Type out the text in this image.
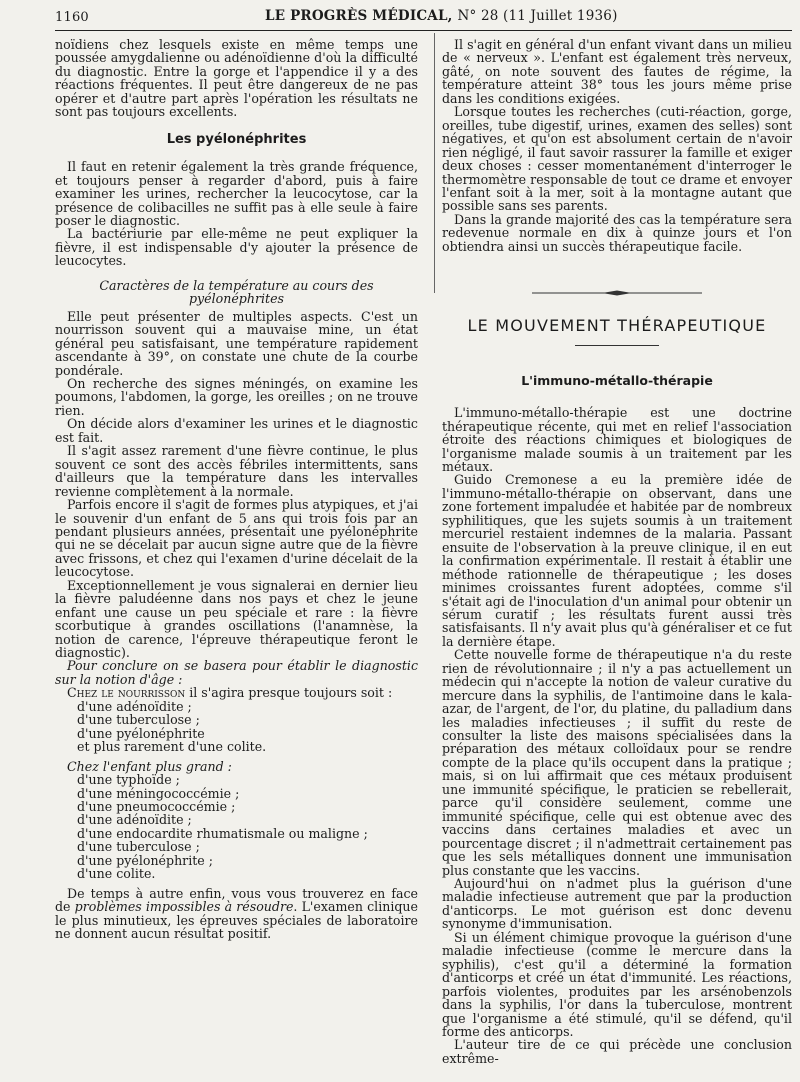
1160	LE PROGRÈS MÉDICAL, N° 28 (11 Juillet 1936)

noïdiens chez lesquels existe en même temps une poussée amygdalienne ou adénoïdienne d'où la difficulté du diagnostic. Entre la gorge et l'appendice il y a des réactions fréquentes. Il peut être dangereux de ne pas opérer et d'autre part après l'opération les résultats ne sont pas toujours excellents.

Les pyélonéphrites

Il faut en retenir également la très grande fréquence, et toujours penser à regarder d'abord, puis à faire examiner les urines, rechercher la leucocytose, car la présence de colibacilles ne suffit pas à elle seule à faire poser le diagnostic.

La bactériurie par elle-même ne peut expliquer la fièvre, il est indispensable d'y ajouter la présence de leucocytes.

Caractères de la température au cours des pyélonéphrites

Elle peut présenter de multiples aspects. C'est un nourrisson souvent qui a mauvaise mine, un état général peu satisfaisant, une température rapidement ascendante à 39°, on constate une chute de la courbe pondérale.

On recherche des signes méningés, on examine les poumons, l'abdomen, la gorge, les oreilles ; on ne trouve rien.

On décide alors d'examiner les urines et le diagnostic est fait.

Il s'agit assez rarement d'une fièvre continue, le plus souvent ce sont des accès fébriles intermittents, sans d'ailleurs que la température dans les intervalles revienne complètement à la normale.

Parfois encore il s'agit de formes plus atypiques, et j'ai le souvenir d'un enfant de 5 ans qui trois fois par an pendant plusieurs années, présentait une pyélonéphrite qui ne se décelait par aucun signe autre que de la fièvre avec frissons, et chez qui l'examen d'urine décelait de la leucocytose.

Exceptionnellement je vous signalerai en dernier lieu la fièvre paludéenne dans nos pays et chez le jeune enfant une cause un peu spéciale et rare : la fièvre scorbutique à grandes oscillations (l'anamnèse, la notion de carence, l'épreuve thérapeutique feront le diagnostic).

Pour conclure on se basera pour établir le diagnostic sur la notion d'âge :

Chez le nourrisson il s'agira presque toujours soit :

d'une adénoïdite ;
d'une tuberculose ;
d'une pyélonéphrite
et plus rarement d'une colite.

Chez l'enfant plus grand :

d'une typhoïde ;
d'une méningococcémie ;
d'une pneumococcémie ;
d'une adénoïdite ;
d'une endocardite rhumatismale ou maligne ;
d'une tuberculose ;
d'une pyélonéphrite ;
d'une colite.

De temps à autre enfin, vous vous trouverez en face de problèmes impossibles à résoudre. L'examen clinique le plus minutieux, les épreuves spéciales de laboratoire ne donnent aucun résultat positif.

Il s'agit en général d'un enfant vivant dans un milieu de « nerveux ». L'enfant est également très nerveux, gâté, on note souvent des fautes de régime, la température atteint 38° tous les jours même prise dans les conditions exigées.

Lorsque toutes les recherches (cuti-réaction, gorge, oreilles, tube digestif, urines, examen des selles) sont négatives, et qu'on est absolument certain de n'avoir rien négligé, il faut savoir rassurer la famille et exiger deux choses : cesser momentanément d'interroger le thermomètre responsable de tout ce drame et envoyer l'enfant soit à la mer, soit à la montagne autant que possible sans ses parents.

Dans la grande majorité des cas la température sera redevenue normale en dix à quinze jours et l'on obtiendra ainsi un succès thérapeutique facile.

LE MOUVEMENT THÉRAPEUTIQUE
L'immuno-métallo-thérapie

L'immuno-métallo-thérapie est une doctrine thérapeutique récente, qui met en relief l'association étroite des réactions chimiques et biologiques de l'organisme malade soumis à un traitement par les métaux.

Guido Cremonese a eu la première idée de l'immuno-métallo-thérapie on observant, dans une zone fortement impaludée et habitée par de nombreux syphilitiques, que les sujets soumis à un traitement mercuriel restaient indemnes de la malaria. Passant ensuite de l'observation à la preuve clinique, il en eut la confirmation expérimentale. Il restait à établir une méthode rationnelle de thérapeutique ; les doses minimes croissantes furent adoptées, comme s'il s'était agi de l'inoculation d'un animal pour obtenir un sérum curatif ; les résultats furent aussi très satisfaisants. Il n'y avait plus qu'à généraliser et ce fut la dernière étape.

Cette nouvelle forme de thérapeutique n'a du reste rien de révolutionnaire ; il n'y a pas actuellement un médecin qui n'accepte la notion de valeur curative du mercure dans la syphilis, de l'antimoine dans le kala-azar, de l'argent, de l'or, du platine, du palladium dans les maladies infectieuses ; il suffit du reste de consulter la liste des maisons spécialisées dans la préparation des métaux colloïdaux pour se rendre compte de la place qu'ils occupent dans la pratique ; mais, si on lui affirmait que ces métaux produisent une immunité spécifique, le praticien se rebellerait, parce qu'il considère seulement, comme une immunité spécifique, celle qui est obtenue avec des vaccins dans certaines maladies et avec un pourcentage discret ; il n'admettrait certainement pas que les sels métalliques donnent une immunisation plus constante que les vaccins.

Aujourd'hui on n'admet plus la guérison d'une maladie infectieuse autrement que par la production d'anticorps. Le mot guérison est donc devenu synonyme d'immunisation.

Si un élément chimique provoque la guérison d'une maladie infectieuse (comme le mercure dans la syphilis), c'est qu'il a déterminé la formation d'anticorps et créé un état d'immunité. Les réactions, parfois violentes, produites par les arsénobenzols dans la syphilis, l'or dans la tuberculose, montrent que l'organisme a été stimulé, qu'il se défend, qu'il forme des anticorps.

L'auteur tire de ce qui précède une conclusion extrême-
